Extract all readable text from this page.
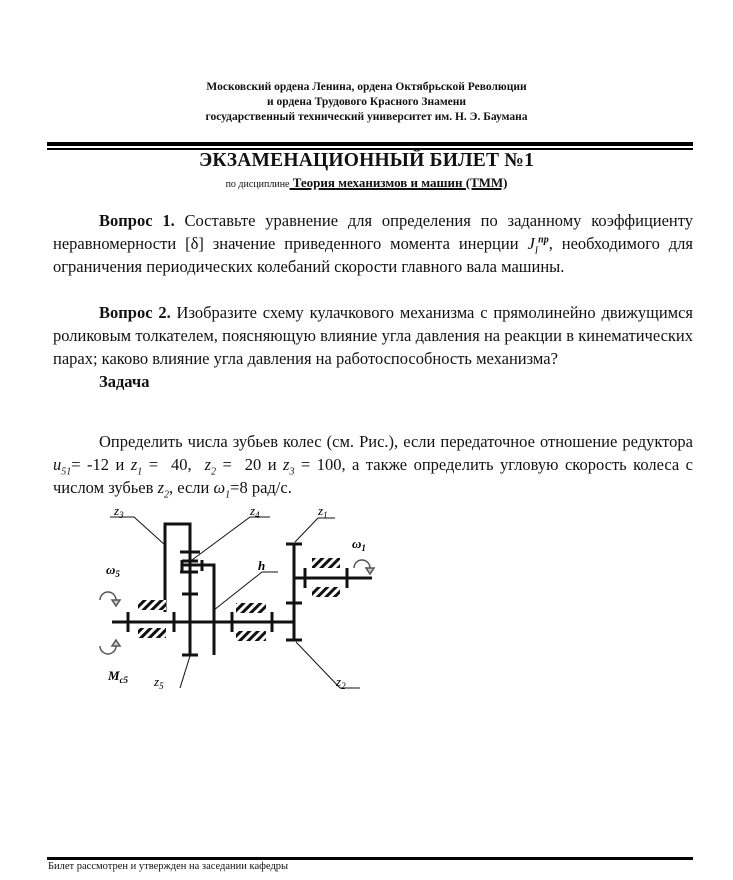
Московский ордена Ленина, ордена Октябрьской Революции
и ордена Трудового Красного Знамени
государственный технический университет им. Н. Э. Баумана
ЭКЗАМЕНАЦИОННЫЙ БИЛЕТ №1
по дисциплине Теория механизмов и машин (ТММ)

Вопрос 1. Составьте уравнение для определения по заданному коэффициенту неравномерности [δ] значение приведенного момента инерции $J_I^{пр}$, необходимого для ограничения периодических колебаний скорости главного вала машины.

Вопрос 2. Изобразите схему кулачкового механизма с прямолинейно движущимся роликовым толкателем, поясняющую влияние угла давления на реакции в кинематических парах; каково влияние угла давления на работоспособность механизма?

Задача

Определить числа зубьев колес (см. Рис.), если передаточное отношение редуктора $u_{51}= -12$ и $z_1 = 40$,  $z_2 = 20$ и $z_3 = 100$, а также определить угловую скорость колеса с числом зубьев $z_2$, если $\omega_1=8$ рад/с.

$z_3$	$z_4$	$z_1$
h
$\omega_1$
$\omega_5$
$M_{c5}$ $z_5$	$z_2$
Билет рассмотрен и утвержден на заседании кафедры
